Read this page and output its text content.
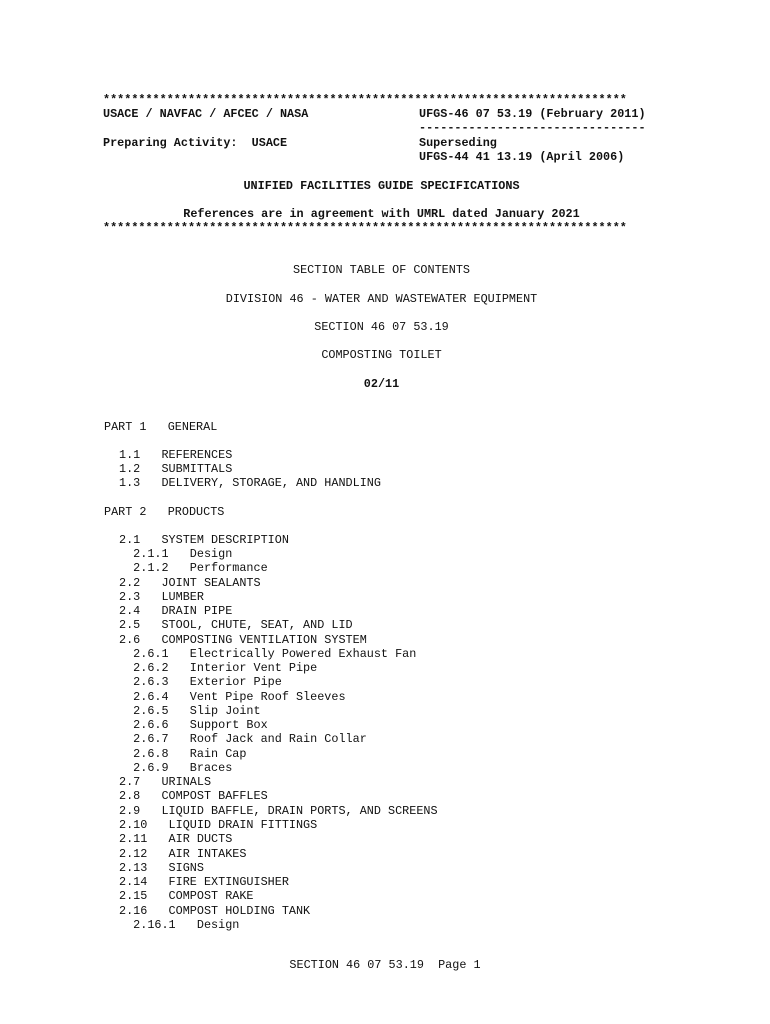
**************************************************************************
USACE / NAVFAC / AFCEC / NASA	UFGS-46 07 53.19 (February 2011)
--------------------------------
Preparing Activity:  USACE	Superseding
UFGS-44 41 13.19 (April 2006)
UNIFIED FACILITIES GUIDE SPECIFICATIONS
References are in agreement with UMRL dated January 2021
**************************************************************************
SECTION TABLE OF CONTENTS
DIVISION 46 - WATER AND WASTEWATER EQUIPMENT
SECTION 46 07 53.19
COMPOSTING TOILET
02/11
PART 1   GENERAL
1.1   REFERENCES
1.2   SUBMITTALS
1.3   DELIVERY, STORAGE, AND HANDLING
PART 2   PRODUCTS
2.1   SYSTEM DESCRIPTION
2.1.1   Design
2.1.2   Performance
2.2   JOINT SEALANTS
2.3   LUMBER
2.4   DRAIN PIPE
2.5   STOOL, CHUTE, SEAT, AND LID
2.6   COMPOSTING VENTILATION SYSTEM
2.6.1   Electrically Powered Exhaust Fan
2.6.2   Interior Vent Pipe
2.6.3   Exterior Pipe
2.6.4   Vent Pipe Roof Sleeves
2.6.5   Slip Joint
2.6.6   Support Box
2.6.7   Roof Jack and Rain Collar
2.6.8   Rain Cap
2.6.9   Braces
2.7   URINALS
2.8   COMPOST BAFFLES
2.9   LIQUID BAFFLE, DRAIN PORTS, AND SCREENS
2.10   LIQUID DRAIN FITTINGS
2.11   AIR DUCTS
2.12   AIR INTAKES
2.13   SIGNS
2.14   FIRE EXTINGUISHER
2.15   COMPOST RAKE
2.16   COMPOST HOLDING TANK
2.16.1   Design
SECTION 46 07 53.19  Page 1
